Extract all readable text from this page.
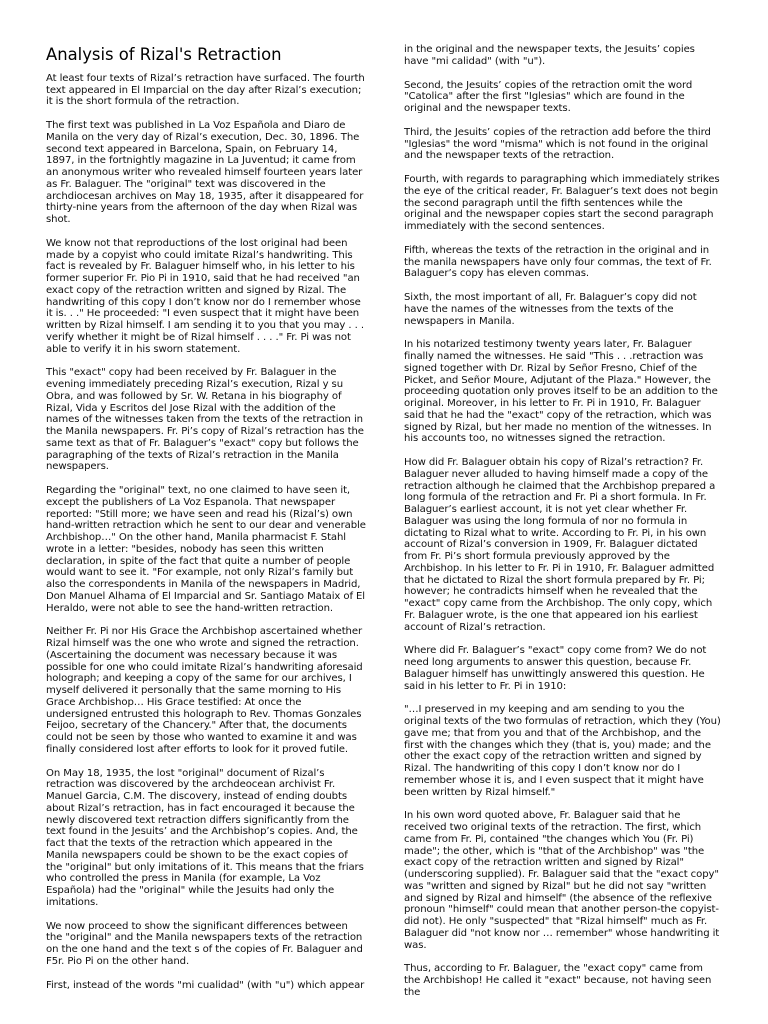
Analysis of Rizal's Retraction

At least four texts of Rizal’s retraction have surfaced. The fourth text appeared in El Imparcial on the day after Rizal’s execution; it is the short formula of the retraction.

The first text was published in La Voz Española and Diaro de Manila on the very day of Rizal’s execution, Dec. 30, 1896. The second text appeared in Barcelona, Spain, on February 14, 1897, in the fortnightly magazine in La Juventud; it came from an anonymous writer who revealed himself fourteen years later as Fr. Balaguer. The "original" text was discovered in the archdiocesan archives on May 18, 1935, after it disappeared for thirty-nine years from the afternoon of the day when Rizal was shot.

We know not that reproductions of the lost original had been made by a copyist who could imitate Rizal’s handwriting. This fact is revealed by Fr. Balaguer himself who, in his letter to his former superior Fr. Pio Pi in 1910, said that he had received "an exact copy of the retraction written and signed by Rizal. The handwriting of this copy I don’t know nor do I remember whose it is. . ." He proceeded: "I even suspect that it might have been written by Rizal himself. I am sending it to you that you may . . . verify whether it might be of Rizal himself . . . ." Fr. Pi was not able to verify it in his sworn statement.

This "exact" copy had been received by Fr. Balaguer in the evening immediately preceding Rizal’s execution, Rizal y su Obra, and was followed by Sr. W. Retana in his biography of Rizal, Vida y Escritos del Jose Rizal with the addition of the names of the witnesses taken from the texts of the retraction in the Manila newspapers. Fr. Pi’s copy of Rizal’s retraction has the same text as that of Fr. Balaguer’s "exact" copy but follows the paragraphing of the texts of Rizal’s retraction in the Manila newspapers.

Regarding the "original" text, no one claimed to have seen it, except the publishers of La Voz Espanola. That newspaper reported: "Still more; we have seen and read his (Rizal’s) own hand-written retraction which he sent to our dear and venerable Archbishop…" On the other hand, Manila pharmacist F. Stahl wrote in a letter: "besides, nobody has seen this written declaration, in spite of the fact that quite a number of people would want to see it. "For example, not only Rizal’s family but also the correspondents in Manila of the newspapers in Madrid, Don Manuel Alhama of El Imparcial and Sr. Santiago Mataix of El Heraldo, were not able to see the hand-written retraction.

Neither Fr. Pi nor His Grace the Archbishop ascertained whether Rizal himself was the one who wrote and signed the retraction. (Ascertaining the document was necessary because it was possible for one who could imitate Rizal’s handwriting aforesaid holograph; and keeping a copy of the same for our archives, I myself delivered it personally that the same morning to His Grace Archbishop… His Grace testified: At once the undersigned entrusted this holograph to Rev. Thomas Gonzales Feijoo, secretary of the Chancery." After that, the documents could not be seen by those who wanted to examine it and was finally considered lost after efforts to look for it proved futile.

On May 18, 1935, the lost "original" document of Rizal’s retraction was discovered by the archdeocean archivist Fr. Manuel Garcia, C.M. The discovery, instead of ending doubts about Rizal’s retraction, has in fact encouraged it because the newly discovered text retraction differs significantly from the text found in the Jesuits’ and the Archbishop’s copies. And, the fact that the texts of the retraction which appeared in the Manila newspapers could be shown to be the exact copies of the "original" but only imitations of it. This means that the friars who controlled the press in Manila (for example, La Voz Española) had the "original" while the Jesuits had only the imitations.

We now proceed to show the significant differences between the "original" and the Manila newspapers texts of the retraction on the one hand and the text s of the copies of Fr. Balaguer and F5r. Pio Pi on the other hand.

First, instead of the words "mi cualidad" (with "u") which appear

in the original and the newspaper texts, the Jesuits’ copies have "mi calidad" (with "u").

Second, the Jesuits’ copies of the retraction omit the word "Catolica" after the first "Iglesias" which are found in the original and the newspaper texts.

Third, the Jesuits’ copies of the retraction add before the third "Iglesias" the word "misma" which is not found in the original and the newspaper texts of the retraction.

Fourth, with regards to paragraphing which immediately strikes the eye of the critical reader, Fr. Balaguer’s text does not begin the second paragraph until the fifth sentences while the original and the newspaper copies start the second paragraph immediately with the second sentences.

Fifth, whereas the texts of the retraction in the original and in the manila newspapers have only four commas, the text of Fr. Balaguer’s copy has eleven commas.

Sixth, the most important of all, Fr. Balaguer’s copy did not have the names of the witnesses from the texts of the newspapers in Manila.

In his notarized testimony twenty years later, Fr. Balaguer finally named the witnesses. He said "This . . .retraction was signed together with Dr. Rizal by Señor Fresno, Chief of the Picket, and Señor Moure, Adjutant of the Plaza." However, the proceeding quotation only proves itself to be an addition to the original. Moreover, in his letter to Fr. Pi in 1910, Fr. Balaguer said that he had the "exact" copy of the retraction, which was signed by Rizal, but her made no mention of the witnesses. In his accounts too, no witnesses signed the retraction.

How did Fr. Balaguer obtain his copy of Rizal’s retraction? Fr. Balaguer never alluded to having himself made a copy of the retraction although he claimed that the Archbishop prepared a long formula of the retraction and Fr. Pi a short formula. In Fr. Balaguer’s earliest account, it is not yet clear whether Fr. Balaguer was using the long formula of nor no formula in dictating to Rizal what to write. According to Fr. Pi, in his own account of Rizal’s conversion in 1909, Fr. Balaguer dictated from Fr. Pi’s short formula previously approved by the Archbishop. In his letter to Fr. Pi in 1910, Fr. Balaguer admitted that he dictated to Rizal the short formula prepared by Fr. Pi; however; he contradicts himself when he revealed that the "exact" copy came from the Archbishop. The only copy, which Fr. Balaguer wrote, is the one that appeared ion his earliest account of Rizal’s retraction.

Where did Fr. Balaguer’s "exact" copy come from? We do not need long arguments to answer this question, because Fr. Balaguer himself has unwittingly answered this question. He said in his letter to Fr. Pi in 1910:

"…I preserved in my keeping and am sending to you the original texts of the two formulas of retraction, which they (You) gave me; that from you and that of the Archbishop, and the first with the changes which they (that is, you) made; and the other the exact copy of the retraction written and signed by Rizal. The handwriting of this copy I don’t know nor do I remember whose it is, and I even suspect that it might have been written by Rizal himself."

In his own word quoted above, Fr. Balaguer said that he received two original texts of the retraction. The first, which came from Fr. Pi, contained "the changes which You (Fr. Pi) made"; the other, which is "that of the Archbishop" was "the exact copy of the retraction written and signed by Rizal" (underscoring supplied). Fr. Balaguer said that the "exact copy" was "written and signed by Rizal" but he did not say "written and signed by Rizal and himself" (the absence of the reflexive pronoun "himself" could mean that another person-the copyist-did not). He only "suspected" that "Rizal himself" much as Fr. Balaguer did "not know nor … remember" whose handwriting it was.

Thus, according to Fr. Balaguer, the "exact copy" came from the Archbishop! He called it "exact" because, not having seen the
